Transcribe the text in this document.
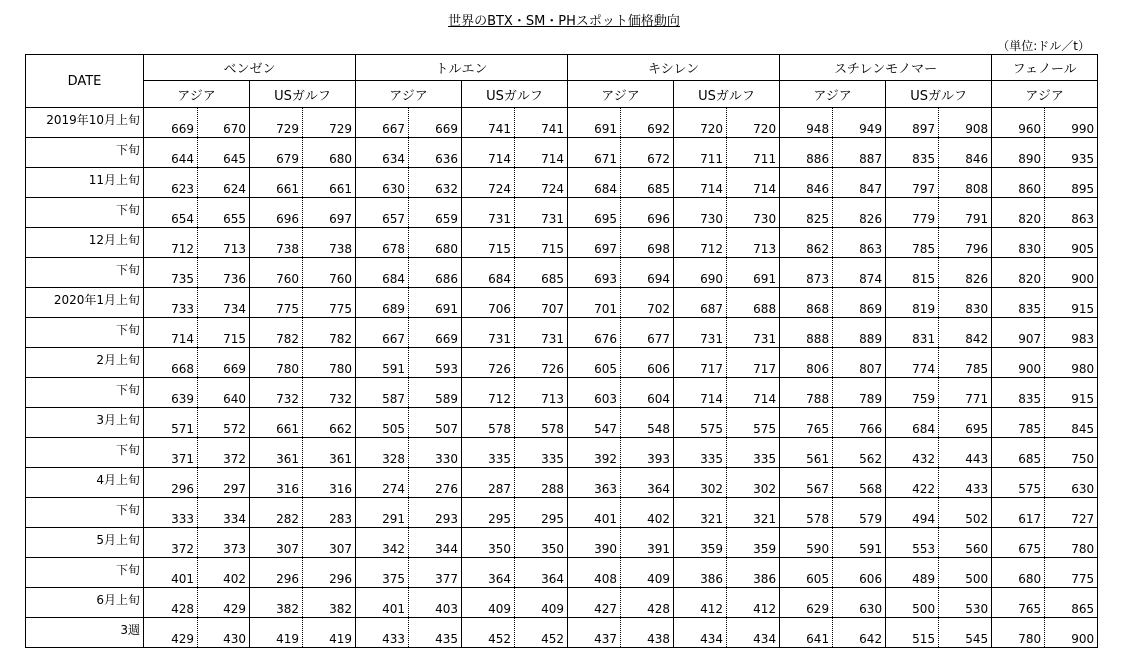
世界のBTX・SM・PHスポット価格動向
（単位:ドル／t）
DATE	ベンゼン				トルエン				キシレン				スチレンモノマー				フェノール	
	アジア		USガルフ		アジア		USガルフ		アジア		USガルフ		アジア		USガルフ		アジア	
2019年10月上旬	669	670	729	729	667	669	741	741	691	692	720	720	948	949	897	908	960	990
下旬	644	645	679	680	634	636	714	714	671	672	711	711	886	887	835	846	890	935
11月上旬	623	624	661	661	630	632	724	724	684	685	714	714	846	847	797	808	860	895
下旬	654	655	696	697	657	659	731	731	695	696	730	730	825	826	779	791	820	863
12月上旬	712	713	738	738	678	680	715	715	697	698	712	713	862	863	785	796	830	905
下旬	735	736	760	760	684	686	684	685	693	694	690	691	873	874	815	826	820	900
2020年1月上旬	733	734	775	775	689	691	706	707	701	702	687	688	868	869	819	830	835	915
下旬	714	715	782	782	667	669	731	731	676	677	731	731	888	889	831	842	907	983
2月上旬	668	669	780	780	591	593	726	726	605	606	717	717	806	807	774	785	900	980
下旬	639	640	732	732	587	589	712	713	603	604	714	714	788	789	759	771	835	915
3月上旬	571	572	661	662	505	507	578	578	547	548	575	575	765	766	684	695	785	845
下旬	371	372	361	361	328	330	335	335	392	393	335	335	561	562	432	443	685	750
4月上旬	296	297	316	316	274	276	287	288	363	364	302	302	567	568	422	433	575	630
下旬	333	334	282	283	291	293	295	295	401	402	321	321	578	579	494	502	617	727
5月上旬	372	373	307	307	342	344	350	350	390	391	359	359	590	591	553	560	675	780
下旬	401	402	296	296	375	377	364	364	408	409	386	386	605	606	489	500	680	775
6月上旬	428	429	382	382	401	403	409	409	427	428	412	412	629	630	500	530	765	865
3週	429	430	419	419	433	435	452	452	437	438	434	434	641	642	515	545	780	900
